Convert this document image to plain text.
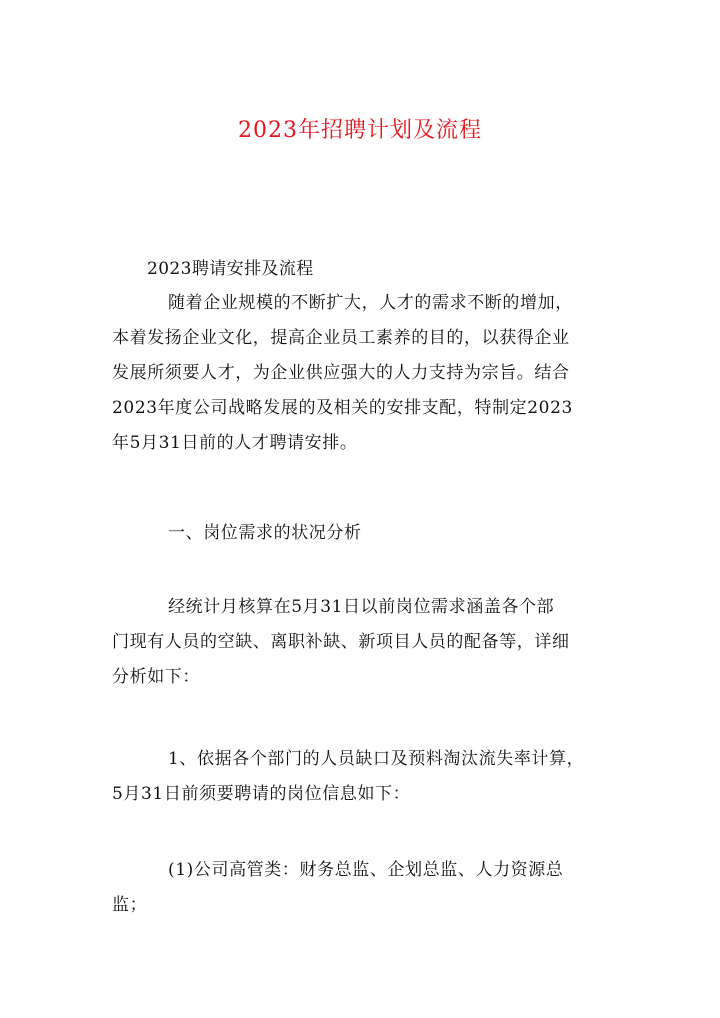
2023年招聘计划及流程
2023聘请安排及流程
随着企业规模的不断扩大，人才的需求不断的增加，
本着发扬企业文化，提高企业员工素养的目的，以获得企业
发展所须要人才，为企业供应强大的人力支持为宗旨。结合
2023年度公司战略发展的及相关的安排支配，特制定2023
年5月31日前的人才聘请安排。
一、岗位需求的状况分析
经统计月核算在5月31日以前岗位需求涵盖各个部
门现有人员的空缺、离职补缺、新项目人员的配备等，详细
分析如下：
1、依据各个部门的人员缺口及预料淘汰流失率计算，
5月31日前须要聘请的岗位信息如下：
(1)公司高管类：财务总监、企划总监、人力资源总
监；
